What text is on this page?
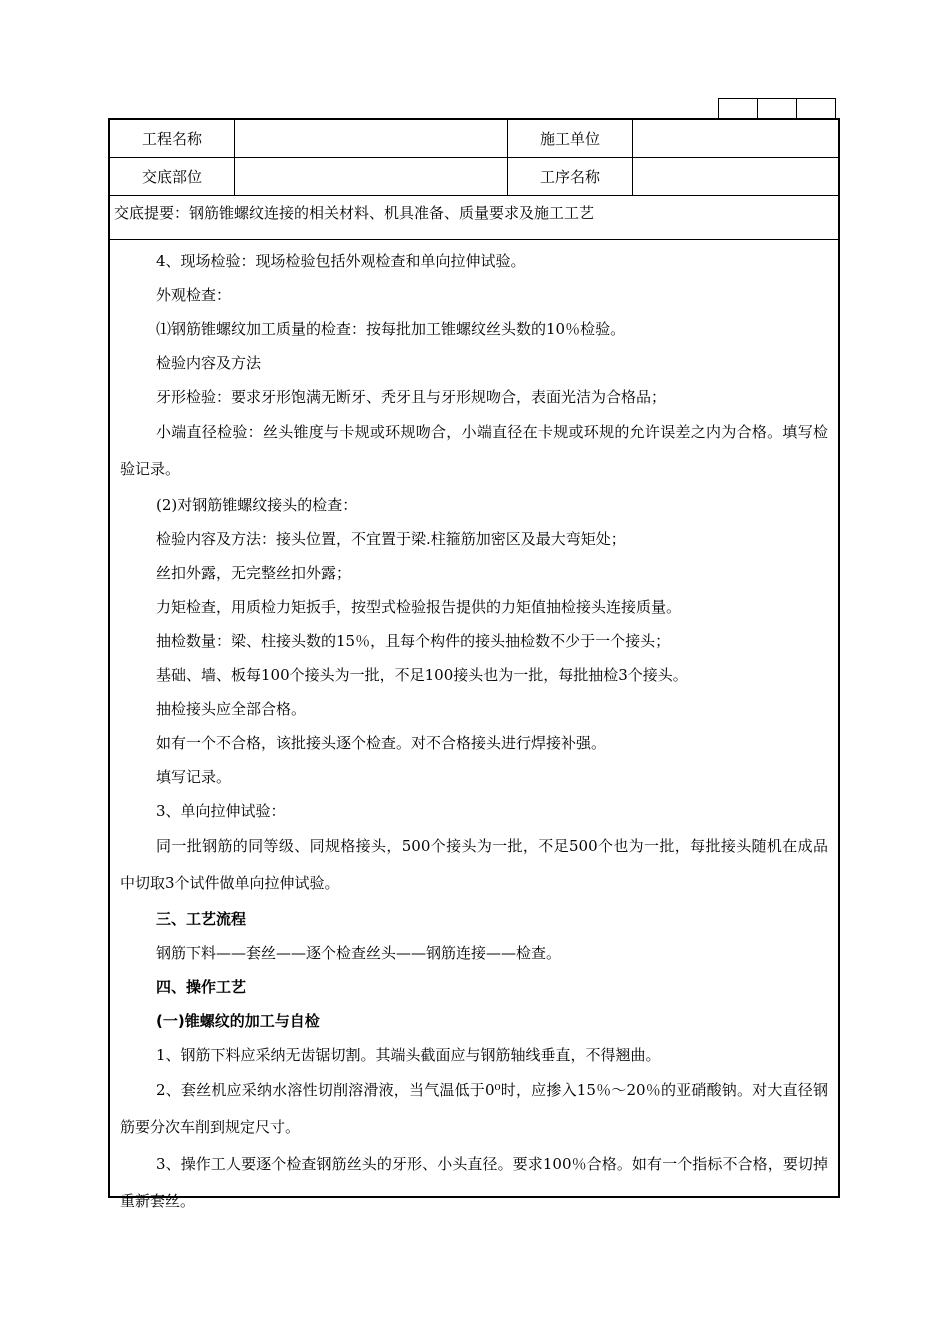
工程名称	施工单位
交底部位	工序名称
交底提要：钢筋锥螺纹连接的相关材料、机具准备、质量要求及施工工艺

4、现场检验：现场检验包括外观检查和单向拉伸试验。

外观检查：

⑴钢筋锥螺纹加工质量的检查：按每批加工锥螺纹丝头数的10％检验。

检验内容及方法

牙形检验：要求牙形饱满无断牙、秃牙且与牙形规吻合，表面光洁为合格品；

小端直径检验：丝头锥度与卡规或环规吻合，小端直径在卡规或环规的允许误差之内为合格。填写检验记录。

(2)对钢筋锥螺纹接头的检查：

检验内容及方法：接头位置，不宜置于梁.柱箍筋加密区及最大弯矩处；

丝扣外露，无完整丝扣外露；

力矩检查，用质检力矩扳手，按型式检验报告提供的力矩值抽检接头连接质量。

抽检数量：梁、柱接头数的15％，且每个构件的接头抽检数不少于一个接头；

基础、墙、板每100个接头为一批，不足100接头也为一批，每批抽检3个接头。

抽检接头应全部合格。

如有一个不合格，该批接头逐个检查。对不合格接头进行焊接补强。

填写记录。

3、单向拉伸试验：

同一批钢筋的同等级、同规格接头，500个接头为一批，不足500个也为一批，每批接头随机在成品中切取3个试件做单向拉伸试验。

三、工艺流程

钢筋下料——套丝——逐个检查丝头——钢筋连接——检查。

四、操作工艺

(一)锥螺纹的加工与自检

1、钢筋下料应采纳无齿锯切割。其端头截面应与钢筋轴线垂直，不得翘曲。

2、套丝机应采纳水溶性切削溶滑液，当气温低于0⁰时，应掺入15％～20％的亚硝酸钠。对大直径钢筋要分次车削到规定尺寸。

3、操作工人要逐个检查钢筋丝头的牙形、小头直径。要求100％合格。如有一个指标不合格，要切掉重新套丝。
